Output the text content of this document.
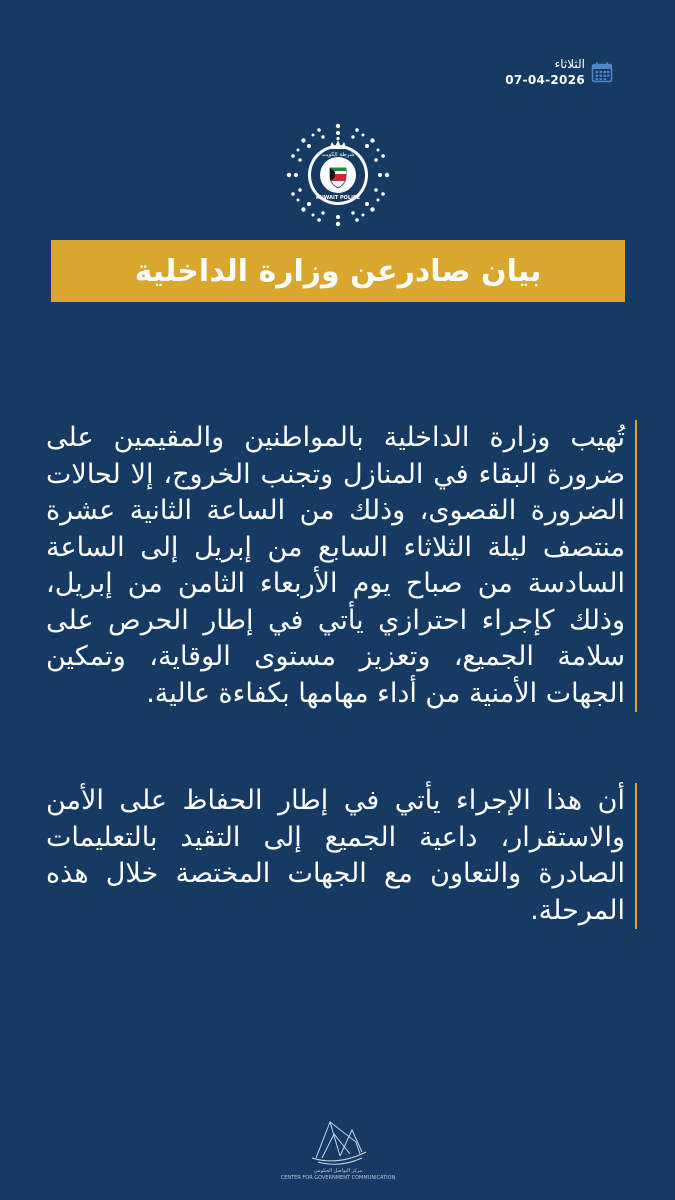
الثلاثاء
07-04-2026
شرطة الكويت
KUWAIT POLICE
بيان صادرعن وزارة الداخلية

تُهيب وزارة الداخلية بالمواطنين والمقيمين على ضرورة البقاء في المنازل وتجنب الخروج، إلا لحالات الضرورة القصوى، وذلك من الساعة الثانية عشرة منتصف ليلة الثلاثاء السابع من إبريل إلى الساعة السادسة من صباح يوم الأربعاء الثامن من إبريل، وذلك كإجراء احترازي يأتي في إطار الحرص على سلامة الجميع، وتعزيز مستوى الوقاية، وتمكين الجهات الأمنية من أداء مهامها بكفاءة عالية.

أن هذا الإجراء يأتي في إطار الحفاظ على الأمن والاستقرار، داعية الجميع إلى التقيد بالتعليمات الصادرة والتعاون مع الجهات المختصة خلال هذه المرحلة.

مركز التواصل الحكومي
CENTER FOR GOVERNMENT COMMUNICATION
